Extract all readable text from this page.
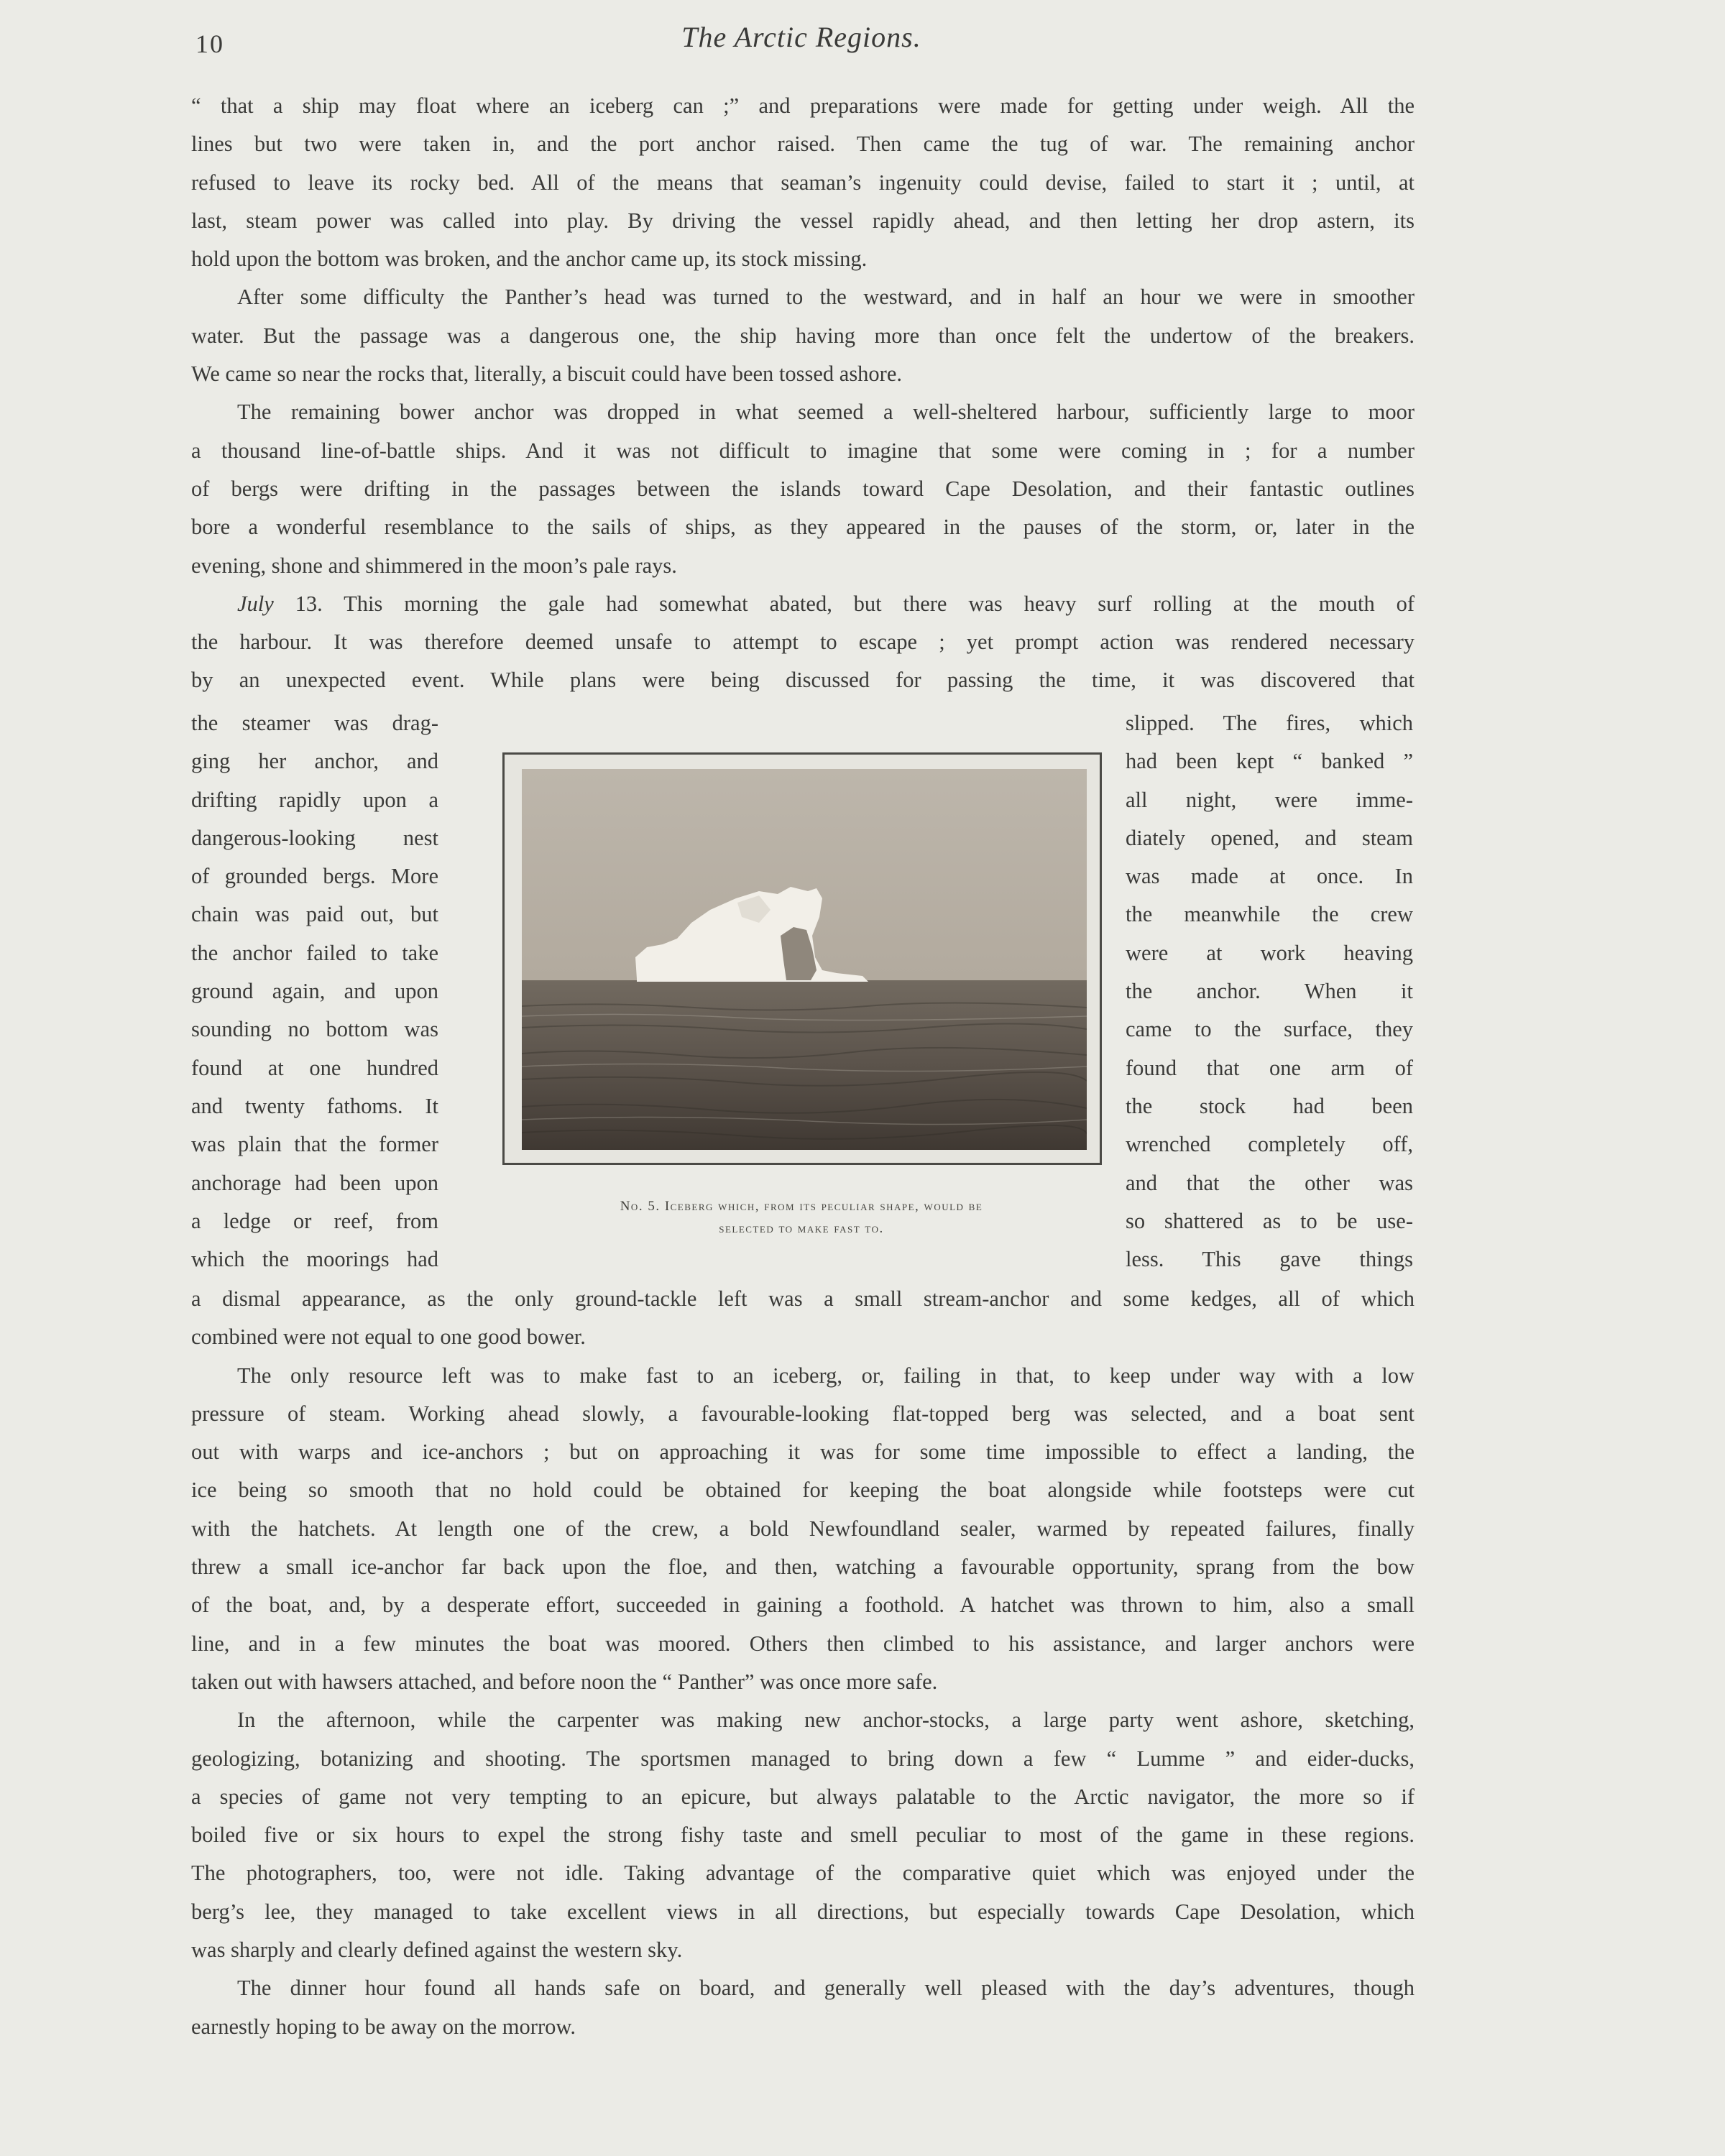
10	The Arctic Regions.

“ that a ship may float where an iceberg can ;” and preparations were made for getting under weigh. All the
lines but two were taken in, and the port anchor raised. Then came the tug of war. The remaining anchor
refused to leave its rocky bed. All of the means that seaman’s ingenuity could devise, failed to start it ; until, at
last, steam power was called into play. By driving the vessel rapidly ahead, and then letting her drop astern, its
hold upon the bottom was broken, and the anchor came up, its stock missing.

After some difficulty the Panther’s head was turned to the westward, and in half an hour we were in smoother
water. But the passage was a dangerous one, the ship having more than once felt the undertow of the breakers.
We came so near the rocks that, literally, a biscuit could have been tossed ashore.

The remaining bower anchor was dropped in what seemed a well-sheltered harbour, sufficiently large to moor
a thousand line-of-battle ships. And it was not difficult to imagine that some were coming in ; for a number
of bergs were drifting in the passages between the islands toward Cape Desolation, and their fantastic outlines
bore a wonderful resemblance to the sails of ships, as they appeared in the pauses of the storm, or, later in the
evening, shone and shimmered in the moon’s pale rays.

July 13. This morning the gale had somewhat abated, but there was heavy surf rolling at the mouth of
the harbour. It was therefore deemed unsafe to attempt to escape ; yet prompt action was rendered necessary
by an unexpected event. While plans were being discussed for passing the time, it was discovered that

the steamer was drag-
ging her anchor, and
drifting rapidly upon a
dangerous-looking nest
of grounded bergs. More
chain was paid out, but
the anchor failed to take
ground again, and upon
sounding no bottom was
found at one hundred
and twenty fathoms. It
was plain that the former
anchorage had been upon
a ledge or reef, from
which the moorings had
slipped. The fires, which
had been kept “ banked ”
all night, were imme-
diately opened, and steam
was made at once. In
the meanwhile the crew
were at work heaving
the anchor. When it
came to the surface, they
found that one arm of
the stock had been
wrenched completely off,
and that the other was
so shattered as to be use-
less. This gave things
No. 5. Iceberg which, from its peculiar shape, would be
selected to make fast to.

a dismal appearance, as the only ground-tackle left was a small stream-anchor and some kedges, all of which
combined were not equal to one good bower.

The only resource left was to make fast to an iceberg, or, failing in that, to keep under way with a low
pressure of steam. Working ahead slowly, a favourable-looking flat-topped berg was selected, and a boat sent
out with warps and ice-anchors ; but on approaching it was for some time impossible to effect a landing, the
ice being so smooth that no hold could be obtained for keeping the boat alongside while footsteps were cut
with the hatchets. At length one of the crew, a bold Newfoundland sealer, warmed by repeated failures, finally
threw a small ice-anchor far back upon the floe, and then, watching a favourable opportunity, sprang from the bow
of the boat, and, by a desperate effort, succeeded in gaining a foothold. A hatchet was thrown to him, also a small
line, and in a few minutes the boat was moored. Others then climbed to his assistance, and larger anchors were
taken out with hawsers attached, and before noon the “ Panther” was once more safe.

In the afternoon, while the carpenter was making new anchor-stocks, a large party went ashore, sketching,
geologizing, botanizing and shooting. The sportsmen managed to bring down a few “ Lumme ” and eider-ducks,
a species of game not very tempting to an epicure, but always palatable to the Arctic navigator, the more so if
boiled five or six hours to expel the strong fishy taste and smell peculiar to most of the game in these regions.
The photographers, too, were not idle. Taking advantage of the comparative quiet which was enjoyed under the
berg’s lee, they managed to take excellent views in all directions, but especially towards Cape Desolation, which
was sharply and clearly defined against the western sky.

The dinner hour found all hands safe on board, and generally well pleased with the day’s adventures, though
earnestly hoping to be away on the morrow.
